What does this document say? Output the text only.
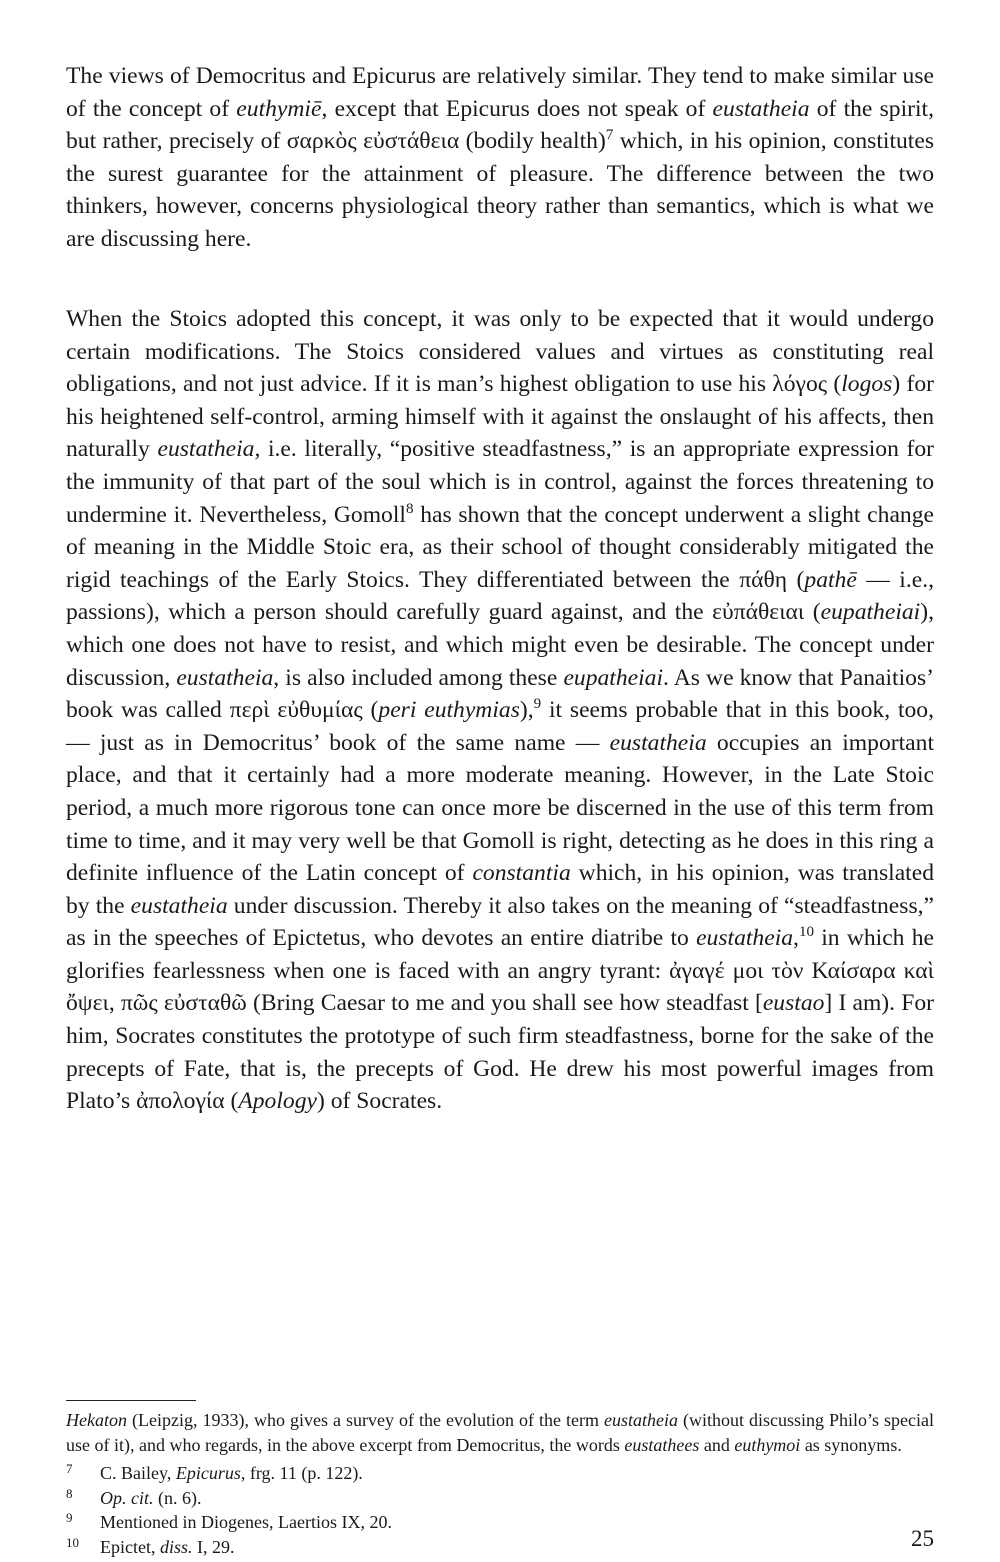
The views of Democritus and Epicurus are relatively similar. They tend to make similar use of the concept of euthymiē, except that Epicurus does not speak of eustatheia of the spirit, but rather, precisely of σαρκὸς εὐστάθεια (bodily health)$^7$ which, in his opinion, constitutes the surest guarantee for the attainment of pleasure. The difference between the two thinkers, however, concerns physiological theory rather than semantics, which is what we are discussing here.

When the Stoics adopted this concept, it was only to be expected that it would undergo certain modifications. The Stoics considered values and virtues as constituting real obligations, and not just advice. If it is man’s highest obligation to use his λόγος (logos) for his heightened self-control, arming himself with it against the onslaught of his affects, then naturally eustatheia, i.e. literally, “positive steadfastness,” is an appropriate expression for the immunity of that part of the soul which is in control, against the forces threatening to undermine it. Nevertheless, Gomoll$^8$ has shown that the concept underwent a slight change of meaning in the Middle Stoic era, as their school of thought considerably mitigated the rigid teachings of the Early Stoics. They differentiated between the πάθη (pathē — i.e., passions), which a person should carefully guard against, and the εὐπάθειαι (eupatheiai), which one does not have to resist, and which might even be desirable. The concept under discussion, eustatheia, is also included among these eupatheiai. As we know that Panaitios’ book was called περὶ εὐθυμίας (peri euthymias),$^9$ it seems probable that in this book, too, — just as in Democritus’ book of the same name — eustatheia occupies an important place, and that it certainly had a more moderate meaning. However, in the Late Stoic period, a much more rigorous tone can once more be discerned in the use of this term from time to time, and it may very well be that Gomoll is right, detecting as he does in this ring a definite influence of the Latin concept of constantia which, in his opinion, was translated by the eustatheia under discussion. Thereby it also takes on the meaning of “steadfastness,” as in the speeches of Epictetus, who devotes an entire diatribe to eustatheia,$^{10}$ in which he glorifies fearlessness when one is faced with an angry tyrant: ἀγαγέ μοι τὸν Καίσαρα καὶ ὄψει, πῶς εὐσταθῶ (Bring Caesar to me and you shall see how steadfast [eustao] I am). For him, Socrates constitutes the prototype of such firm steadfastness, borne for the sake of the precepts of Fate, that is, the precepts of God. He drew his most powerful images from Plato’s ἀπολογία (Apology) of Socrates.

Hekaton (Leipzig, 1933), who gives a survey of the evolution of the term eustatheia (without discussing Philo’s special use of it), and who regards, in the above excerpt from Democritus, the words eustathees and euthymoi as synonyms.

7 C. Bailey, Epicurus, frg. 11 (p. 122).

8 Op. cit. (n. 6).

9 Mentioned in Diogenes, Laertios IX, 20.

10 Epictet, diss. I, 29.	25
